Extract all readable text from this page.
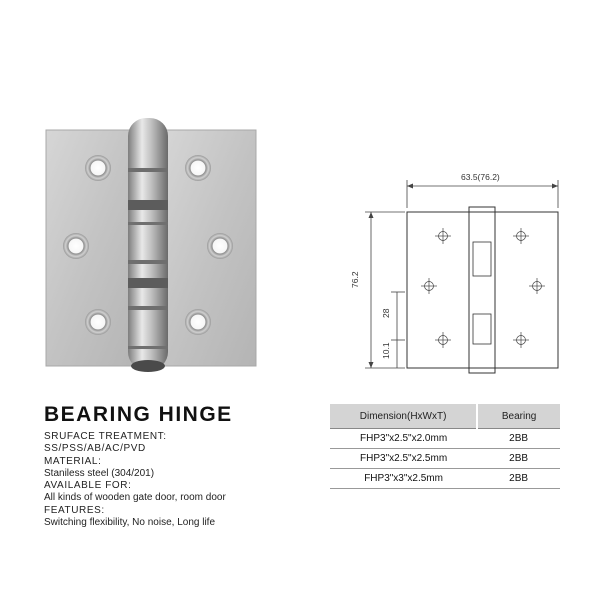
63.5(76.2)
76.2
28
10.1
BEARING HINGE
SRUFACE TREATMENT:
SS/PSS/AB/AC/PVD
MATERIAL:
Staniless steel (304/201)
AVAILABLE FOR:
All kinds of wooden gate door, room door
FEATURES:
Switching flexibility, No noise, Long life
Dimension(HxWxT)	Bearing
FHP3"x2.5"x2.0mm	2BB
FHP3"x2.5"x2.5mm	2BB
FHP3"x3"x2.5mm	2BB
